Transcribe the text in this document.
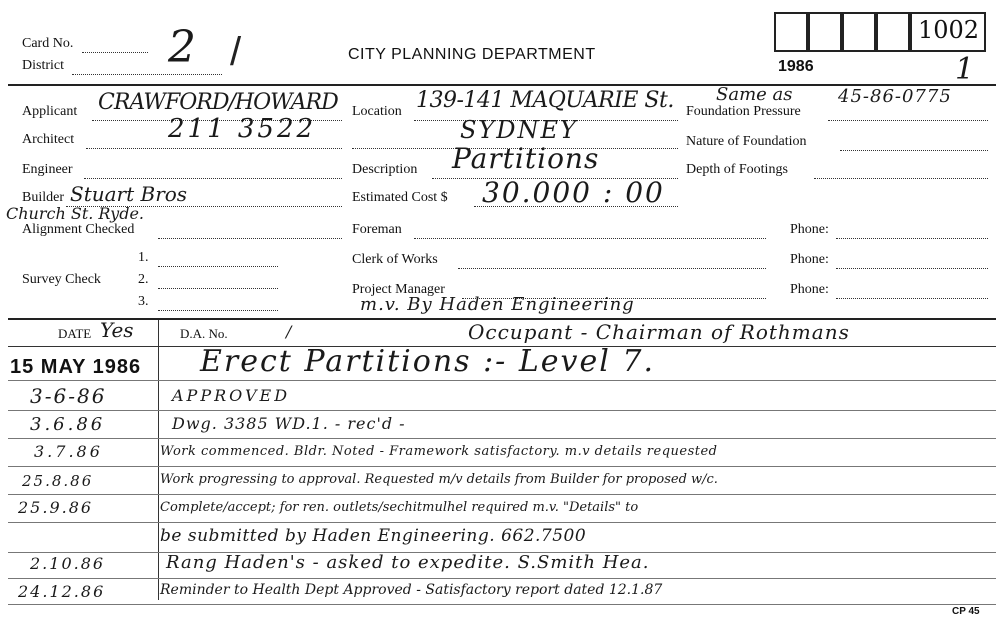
Card No.
District 2 /	CITY PLANNING DEPARTMENT
1002
1986	1
Applicant CRAWFORD/HOWARD
Architect	211 3522
Engineer
Builder Stuart Bros
Church St. Ryde.
Alignment Checked
Survey Check
1.
2.
3.
Location 139-141 MAQUARIE St.
SYDNEY
Description Partitions
Estimated Cost $ 30.000 : 00
Foreman
Clerk of Works
Project Manager
m.v. By Haden Engineering
Same as	45-86-0775
Foundation Pressure
Nature of Foundation
Depth of Footings
Phone:
Phone:
Phone:
DATE Yes	D.A. No.	/	Occupant - Chairman of Rothmans
15 MAY 1986 Erect Partitions :- Level 7.
3-6-86	APPROVED
3.6.86	Dwg. 3385 WD.1. - rec'd -
3.7.86	Work commenced. Bldr. Noted - Framework satisfactory. m.v details requested
25.8.86	Work progressing to approval. Requested m/v details from Builder for proposed w/c.
25.9.86	Complete/accept; for ren. outlets/sechitmulhel required m.v. "Details" to
be submitted by Haden Engineering. 662.7500
2.10.86	Rang Haden's - asked to expedite. S.Smith Hea.
24.12.86	Reminder to Health Dept Approved - Satisfactory report dated 12.1.87
CP 45
